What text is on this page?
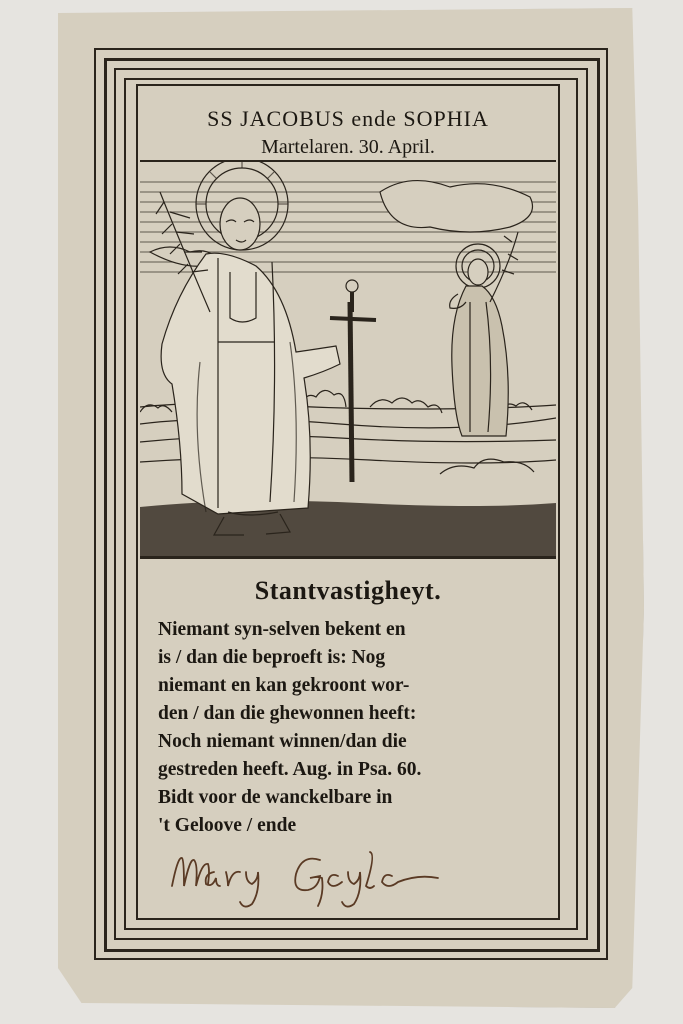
SS JACOBUS ende SOPHIA
Martelaren. 30. April.
Stantvastigheyt.
Niemant syn-selven bekent en
is / dan die beproeft is: Nog
niemant en kan gekroont wor-
den / dan die ghewonnen heeft:
Noch niemant winnen/dan die
gestreden heeft. Aug. in Psa. 60.
Bidt voor de wanckelbare in
't Geloove / ende
